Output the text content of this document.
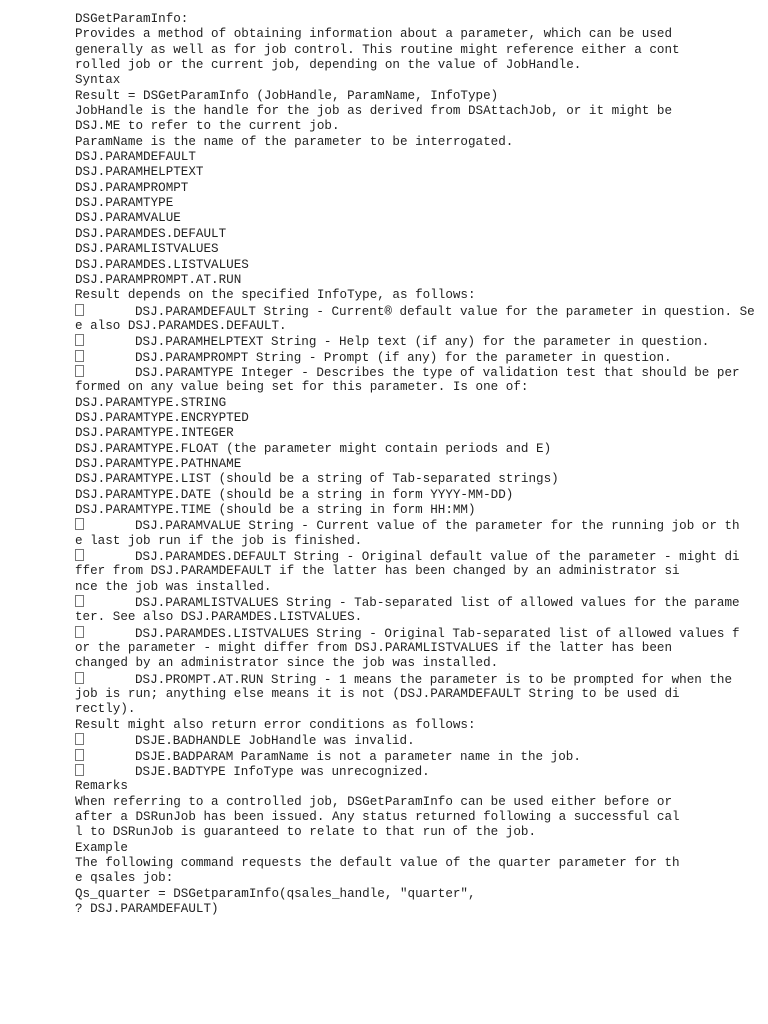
DSGetParamInfo:
Provides a method of obtaining information about a parameter, which can be used
generally as well as for job control. This routine might reference either a cont
rolled job or the current job, depending on the value of JobHandle.
Syntax
Result = DSGetParamInfo (JobHandle, ParamName, InfoType)
JobHandle is the handle for the job as derived from DSAttachJob, or it might be
DSJ.ME to refer to the current job.
ParamName is the name of the parameter to be interrogated.
DSJ.PARAMDEFAULT
DSJ.PARAMHELPTEXT
DSJ.PARAMPROMPT
DSJ.PARAMTYPE
DSJ.PARAMVALUE
DSJ.PARAMDES.DEFAULT
DSJ.PARAMLISTVALUES
DSJ.PARAMDES.LISTVALUES
DSJ.PARAMPROMPT.AT.RUN
Result depends on the specified InfoType, as follows:
DSJ.PARAMDEFAULT String - Current® default value for the parameter in question. Se
e also DSJ.PARAMDES.DEFAULT.
DSJ.PARAMHELPTEXT String - Help text (if any) for the parameter in question.
DSJ.PARAMPROMPT String - Prompt (if any) for the parameter in question.
DSJ.PARAMTYPE Integer - Describes the type of validation test that should be per
formed on any value being set for this parameter. Is one of:
DSJ.PARAMTYPE.STRING
DSJ.PARAMTYPE.ENCRYPTED
DSJ.PARAMTYPE.INTEGER
DSJ.PARAMTYPE.FLOAT (the parameter might contain periods and E)
DSJ.PARAMTYPE.PATHNAME
DSJ.PARAMTYPE.LIST (should be a string of Tab-separated strings)
DSJ.PARAMTYPE.DATE (should be a string in form YYYY-MM-DD)
DSJ.PARAMTYPE.TIME (should be a string in form HH:MM)
DSJ.PARAMVALUE String - Current value of the parameter for the running job or th
e last job run if the job is finished.
DSJ.PARAMDES.DEFAULT String - Original default value of the parameter - might di
ffer from DSJ.PARAMDEFAULT if the latter has been changed by an administrator si
nce the job was installed.
DSJ.PARAMLISTVALUES String - Tab-separated list of allowed values for the parame
ter. See also DSJ.PARAMDES.LISTVALUES.
DSJ.PARAMDES.LISTVALUES String - Original Tab-separated list of allowed values f
or the parameter - might differ from DSJ.PARAMLISTVALUES if the latter has been
changed by an administrator since the job was installed.
DSJ.PROMPT.AT.RUN String - 1 means the parameter is to be prompted for when the
job is run; anything else means it is not (DSJ.PARAMDEFAULT String to be used di
rectly).
Result might also return error conditions as follows:
DSJE.BADHANDLE JobHandle was invalid.
DSJE.BADPARAM ParamName is not a parameter name in the job.
DSJE.BADTYPE InfoType was unrecognized.
Remarks
When referring to a controlled job, DSGetParamInfo can be used either before or
after a DSRunJob has been issued. Any status returned following a successful cal
l to DSRunJob is guaranteed to relate to that run of the job.
Example
The following command requests the default value of the quarter parameter for th
e qsales job:
Qs_quarter = DSGetparamInfo(qsales_handle, "quarter",
? DSJ.PARAMDEFAULT)
